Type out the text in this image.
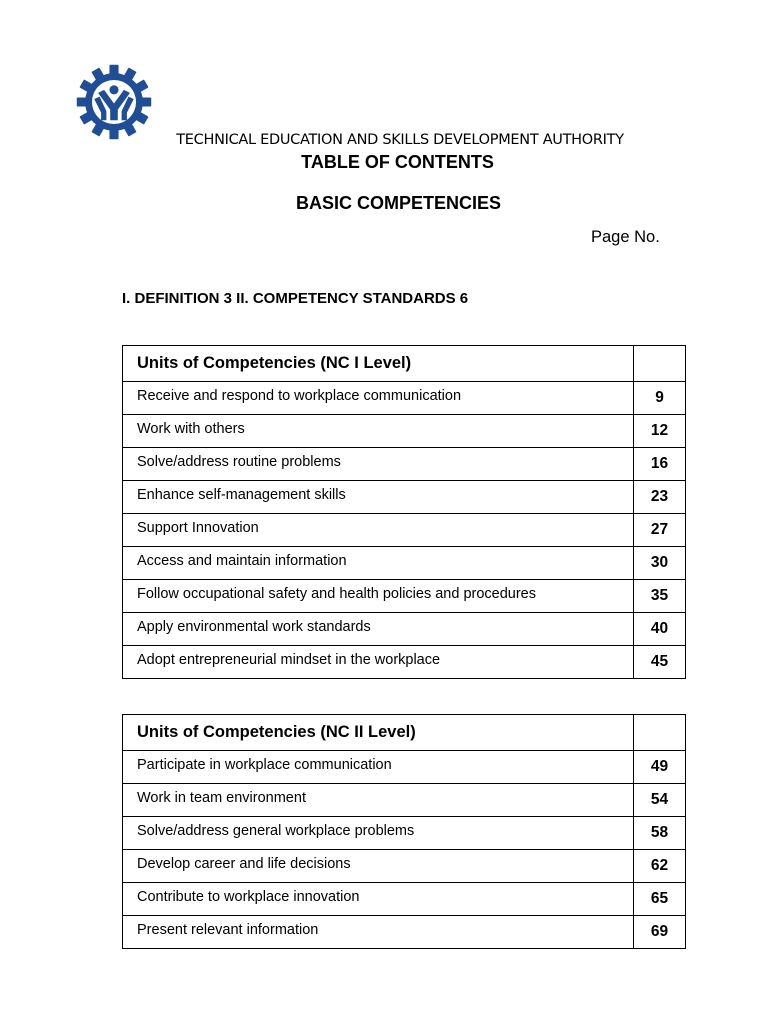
TECHNICAL EDUCATION AND SKILLS DEVELOPMENT AUTHORITY
TABLE OF CONTENTS
BASIC COMPETENCIES
Page No.
I. DEFINITION 3 II. COMPETENCY STANDARDS 6
Units of Competencies (NC I Level)	
Receive and respond to workplace communication	9
Work with others	12
Solve/address routine problems	16
Enhance self-management skills	23
Support Innovation	27
Access and maintain information	30
Follow occupational safety and health policies and procedures	35
Apply environmental work standards	40
Adopt entrepreneurial mindset in the workplace	45
Units of Competencies (NC II Level)	
Participate in workplace communication	49
Work in team environment	54
Solve/address general workplace problems	58
Develop career and life decisions	62
Contribute to workplace innovation	65
Present relevant information	69
